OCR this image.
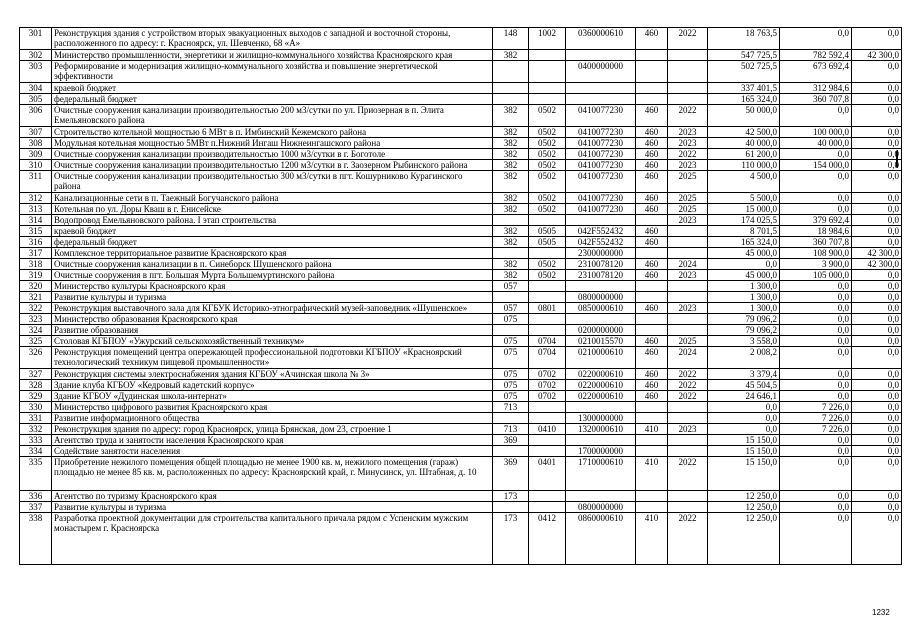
301	Реконструкция здания с устройством вторых эвакуационных выходов с западной и восточной стороны, расположенного по адресу: г. Красноярск, ул. Шевченко, 68 «А»	148	1002	0360000610	460	2022	18 763,5	0,0	0,0
302	Министерство промышленности, энергетики и жилищно-коммунального хозяйства Красноярского края	382					547 725,5	782 592,4	42 300,0
303	Реформирование и модернизация жилищно-коммунального хозяйства и повышение энергетической эффективности			0400000000			502 725,5	673 692,4	0,0
304	краевой бюджет						337 401,5	312 984,6	0,0
305	федеральный бюджет						165 324,0	360 707,8	0,0
306	Очистные сооружения канализации производительностью 200 м3/сутки по ул. Приозерная в п. Элита Емельяновского района	382	0502	0410077230	460	2022	50 000,0	0,0	0,0
307	Строительство котельной мощностью 6 МВт в п. Имбинский Кежемского района	382	0502	0410077230	460	2023	42 500,0	100 000,0	0,0
308	Модульная котельная мощностью 5МВт п.Нижний Ингаш Нижнеингашского района	382	0502	0410077230	460	2023	40 000,0	40 000,0	0,0
309	Очистные сооружения канализации производительностью 1000 м3/сутки в г. Боготоле	382	0502	0410077230	460	2022	61 200,0	0,0	0,0
310	Очистные сооружения канализации производительностью 1200 м3/сутки в г. Заозерном Рыбинского района	382	0502	0410077230	460	2023	110 000,0	154 000,0	0,0
311	Очистные сооружения канализации производительностью 300 м3/сутки в пгт. Кошурниково Курагинского района	382	0502	0410077230	460	2025	4 500,0	0,0	0,0
312	Канализационные сети в п. Таежный Богучанского района	382	0502	0410077230	460	2025	5 500,0	0,0	0,0
313	Котельная по ул. Доры Кваш в г. Енисейске	382	0502	0410077230	460	2025	15 000,0	0,0	0,0
314	Водопровод Емельяновского района. I этап строительства					2023	174 025,5	379 692,4	0,0
315	краевой бюджет	382	0505	042F552432	460		8 701,5	18 984,6	0,0
316	федеральный бюджет	382	0505	042F552432	460		165 324,0	360 707,8	0,0
317	Комплексное территориальное развитие Красноярского края			2300000000			45 000,0	108 900,0	42 300,0
318	Очистные сооружения канализации в п. Синеборск Шушенского района	382	0502	2310078120	460	2024	0,0	3 900,0	42 300,0
319	Очистные сооружения в пгт. Большая Мурта Большемуртинского района	382	0502	2310078120	460	2023	45 000,0	105 000,0	0,0
320	Министерство культуры Красноярского края	057					1 300,0	0,0	0,0
321	Развитие культуры и туризма			0800000000			1 300,0	0,0	0,0
322	Реконструкция выставочного зала для КГБУК Историко-этнографический музей-заповедник «Шушенское»	057	0801	0850000610	460	2023	1 300,0	0,0	0,0
323	Министерство образования Красноярского края	075					79 096,2	0,0	0,0
324	Развитие образования			0200000000			79 096,2	0,0	0,0
325	Столовая КГБПОУ «Ужурский сельскохозяйственный техникум»	075	0704	0210015570	460	2025	3 558,0	0,0	0,0
326	Реконструкция помещений центра опережающей профессиональной подготовки КГБПОУ «Красноярский технологический техникум пищевой промышленности»	075	0704	0210000610	460	2024	2 008,2	0,0	0,0
327	Реконструкция системы электроснабжения здания КГБОУ «Ачинская школа № 3»	075	0702	0220000610	460	2022	3 379,4	0,0	0,0
328	Здание клуба КГБОУ «Кедровый кадетский корпус»	075	0702	0220000610	460	2022	45 504,5	0,0	0,0
329	Здание КГБОУ «Дудинская школа-интернат»	075	0702	0220000610	460	2022	24 646,1	0,0	0,0
330	Министерство цифрового развития Красноярского края	713					0,0	7 226,0	0,0
331	Развитие информационного общества			1300000000			0,0	7 226,0	0,0
332	Реконструкция здания по адресу: город Красноярск, улица Брянская, дом 23, строение 1	713	0410	1320000610	410	2023	0,0	7 226,0	0,0
333	Агентство труда и занятости населения Красноярского края	369					15 150,0	0,0	0,0
334	Содействие занятости населения			1700000000			15 150,0	0,0	0,0
335	Приобретение нежилого помещения общей площадью не менее 1900 кв. м, нежилого помещения (гараж) площадью не менее 85 кв. м, расположенных по адресу: Красноярский край, г. Минусинск, ул. Штабная, д. 10	369	0401	1710000610	410	2022	15 150,0	0,0	0,0
336	Агентство по туризму Красноярского края	173					12 250,0	0,0	0,0
337	Развитие культуры и туризма			0800000000			12 250,0	0,0	0,0
338	Разработка проектной документации для строительства капитального причала рядом с Успенским мужским монастырем г. Красноярска	173	0412	0860000610	410	2022	12 250,0	0,0	0,0
1232
